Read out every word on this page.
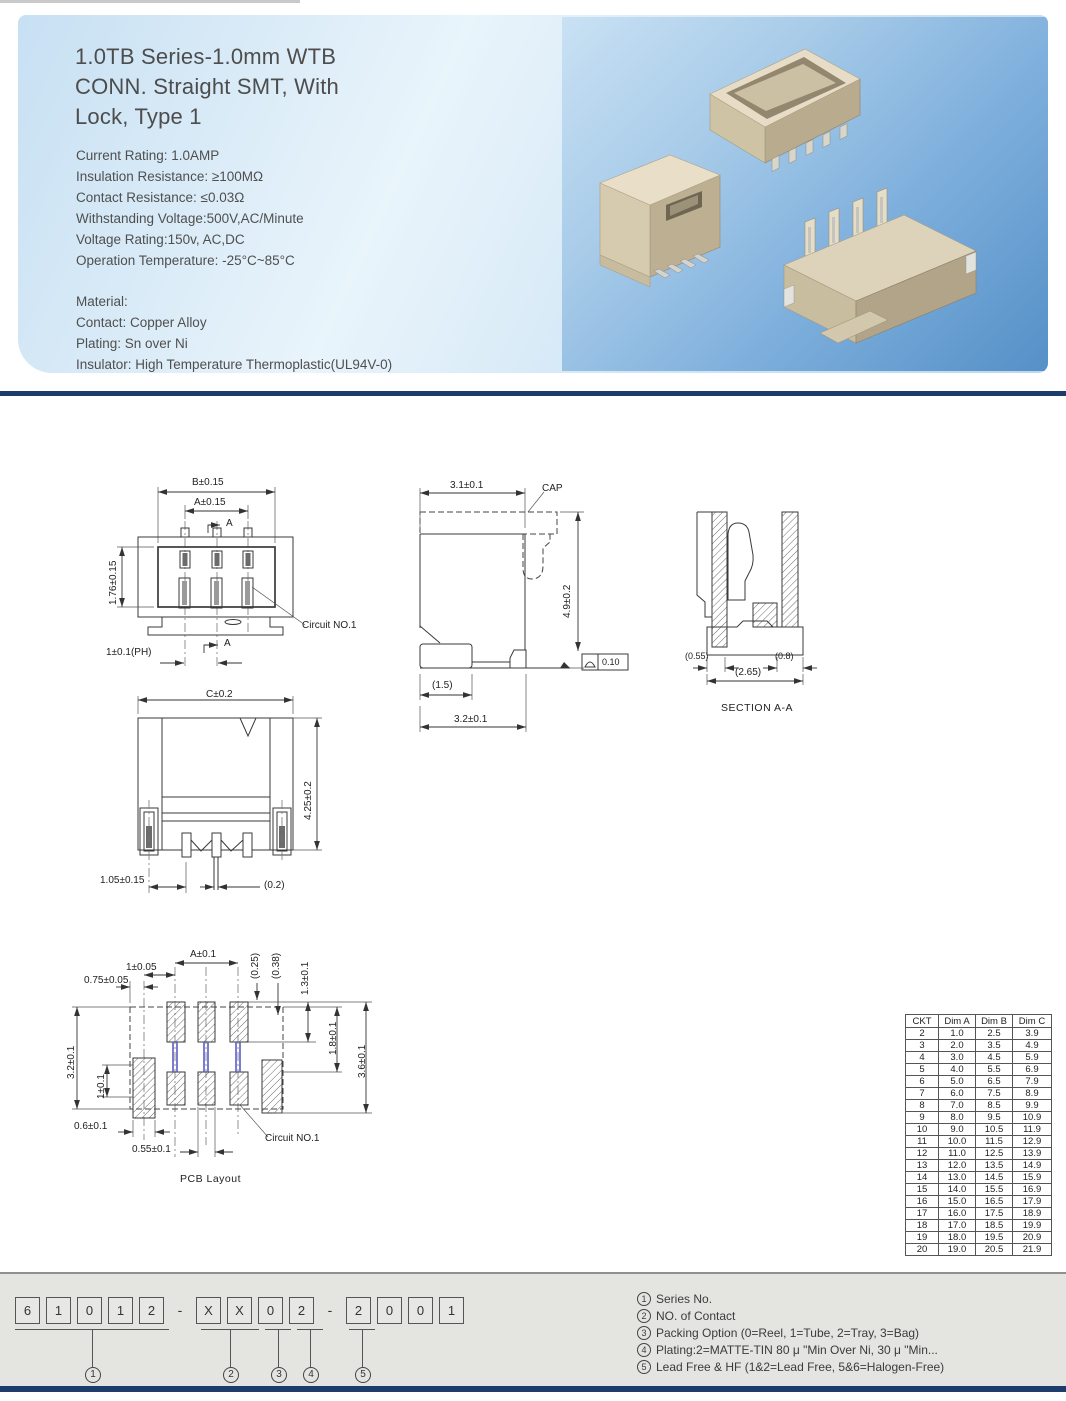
1.0TB Series-1.0mm WTB
CONN. Straight SMT, With
Lock, Type 1
Current Rating: 1.0AMP
Insulation Resistance: ≥100MΩ
Contact Resistance: ≤0.03Ω
Withstanding Voltage:500V,AC/Minute
Voltage Rating:150v, AC,DC
Operation Temperature: -25°C~85°C
Material:
Contact: Copper Alloy
Plating: Sn over Ni
Insulator: High Temperature Thermoplastic(UL94V-0)
B±0.15
A±0.15
A
1.76±0.15
A
1±0.1(PH)
Circuit NO.1
3.1±0.1	CAP
4.9±0.2
0.10
(1.5)
3.2±0.1
(0.55)	(0.8)
(2.65)
SECTION A-A
C±0.2
4.25±0.2
1.05±0.15	(0.2)
A±0.1
1±0.05
0.75±0.05
(0.25) (0.38) 1.3±0.1
1.8±0.1
3.6±0.1
3.2±0.1
1±0.1
0.6±0.1
0.55±0.1
Circuit NO.1
PCB Layout
CKT	Dim A	Dim B	Dim C
2	1.0	2.5	3.9
3	2.0	3.5	4.9
4	3.0	4.5	5.9
5	4.0	5.5	6.9
6	5.0	6.5	7.9
7	6.0	7.5	8.9
8	7.0	8.5	9.9
9	8.0	9.5	10.9
10	9.0	10.5	11.9
11	10.0	11.5	12.9
12	11.0	12.5	13.9
13	12.0	13.5	14.9
14	13.0	14.5	15.9
15	14.0	15.5	16.9
16	15.0	16.5	17.9
17	16.0	17.5	18.9
18	17.0	18.5	19.9
19	18.0	19.5	20.9
20	19.0	20.5	21.9
6	1	0	1	2	-	X	X	0	2	-	2	0	0	1
1	2	3	4	5
1 Series No.
2 NO. of Contact
3 Packing Option (0=Reel, 1=Tube, 2=Tray, 3=Bag)
4 Plating:2=MATTE-TIN 80 μ "Min Over Ni, 30 μ "Min...
5 Lead Free & HF (1&2=Lead Free, 5&6=Halogen-Free)
